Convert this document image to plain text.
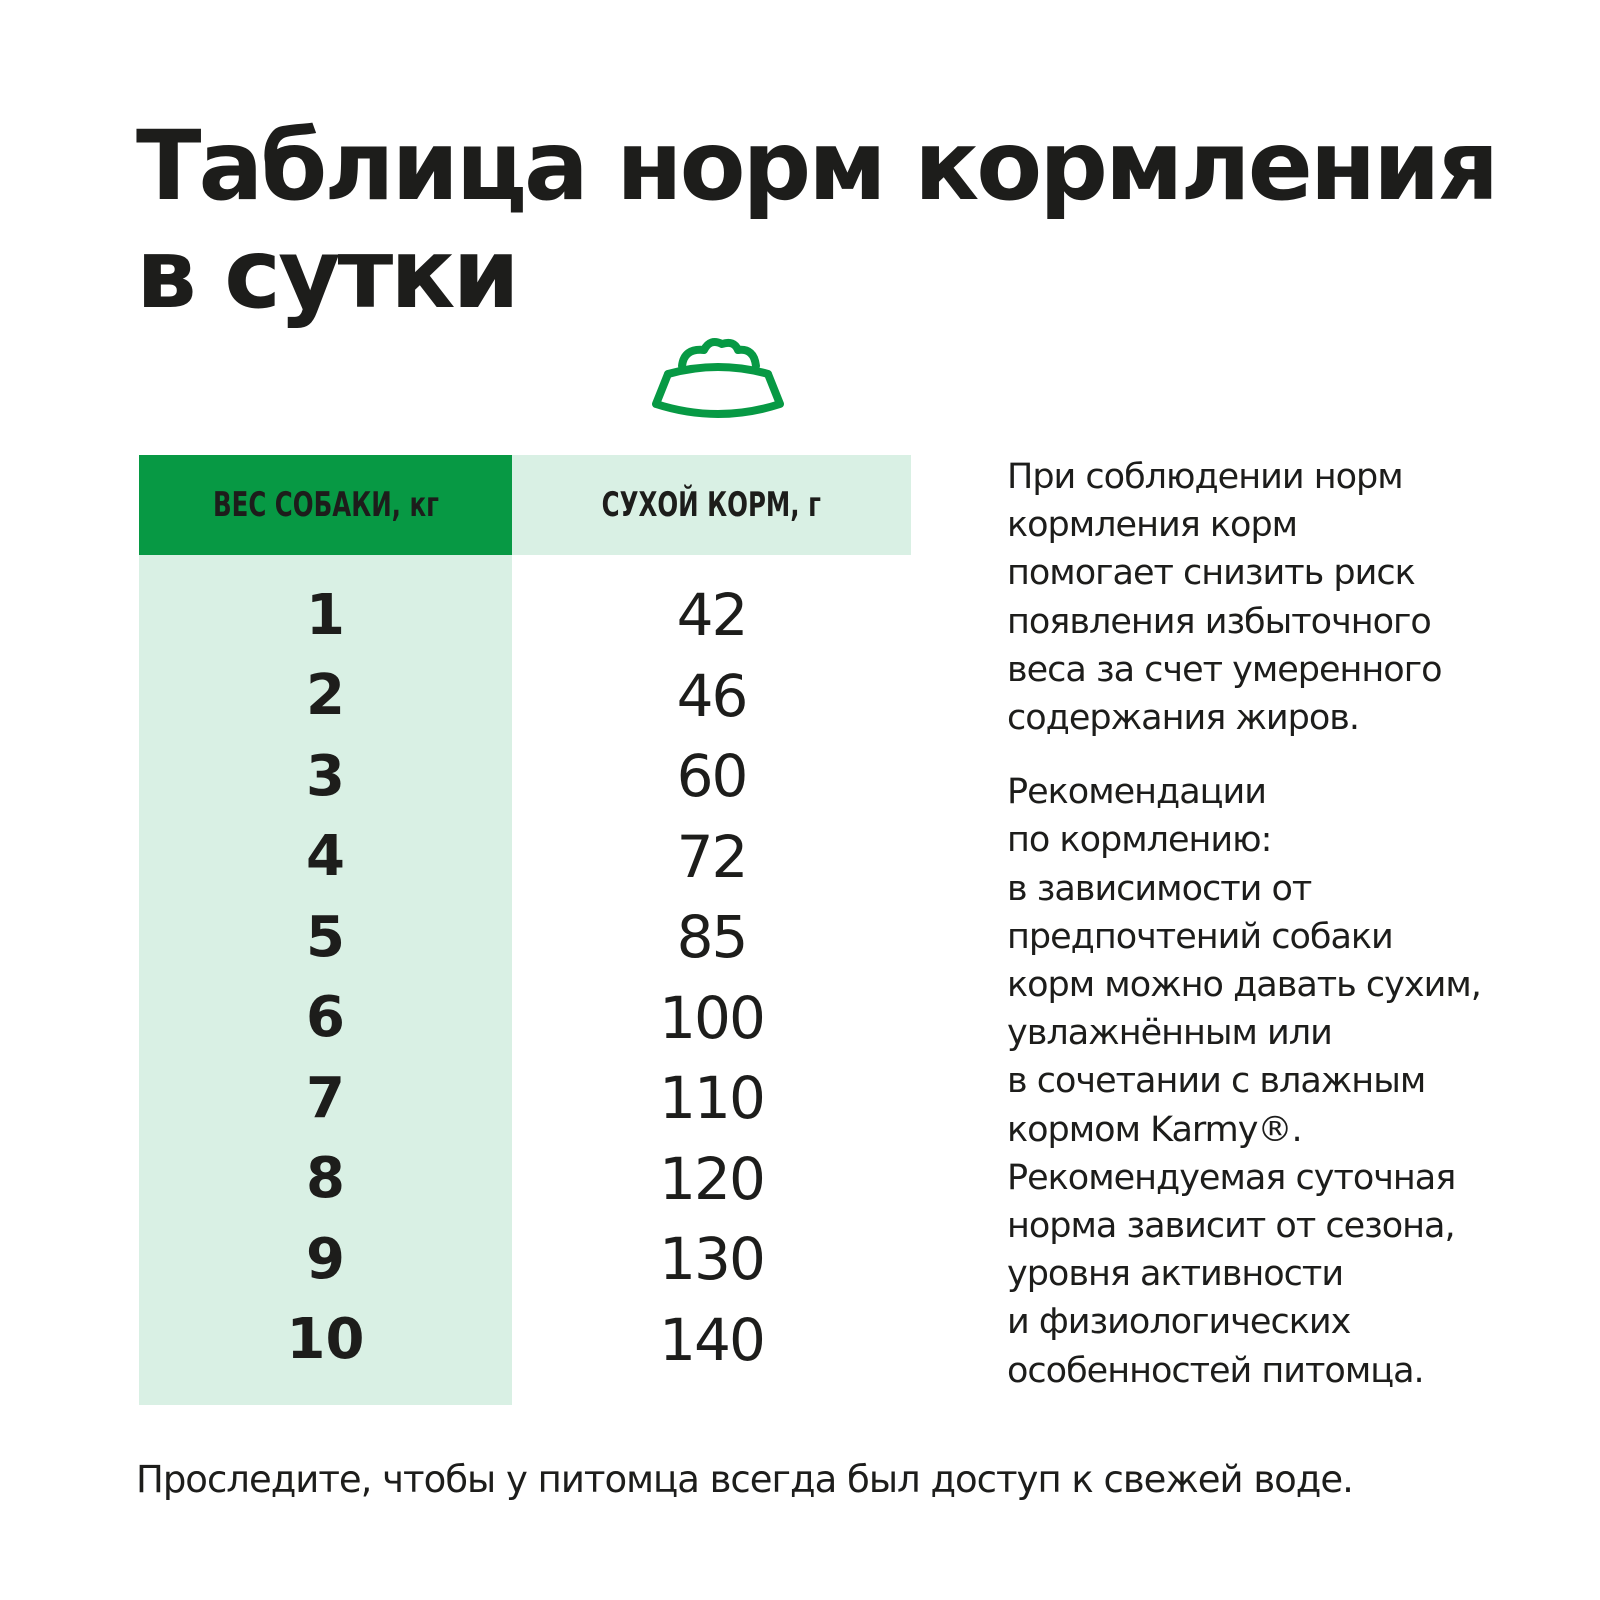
Таблица норм кормления
в сутки
ВЕС СОБАКИ, кг	СУХОЙ КОРМ, г
1	42
2	46
3	60
4	72
5	85
6	100
7	110
8	120
9	130
10	140

При соблюдении норм
кормления корм
помогает снизить риск
появления избыточного
веса за счет умеренного
содержания жиров.

Рекомендации
по кормлению:
в зависимости от
предпочтений собаки
корм можно давать сухим,
увлажнённым или
в сочетании с влажным
кормом Karmy®.
Рекомендуемая суточная
норма зависит от сезона,
уровня активности
и физиологических
особенностей питомца.

Проследите, чтобы у питомца всегда был доступ к свежей воде.
